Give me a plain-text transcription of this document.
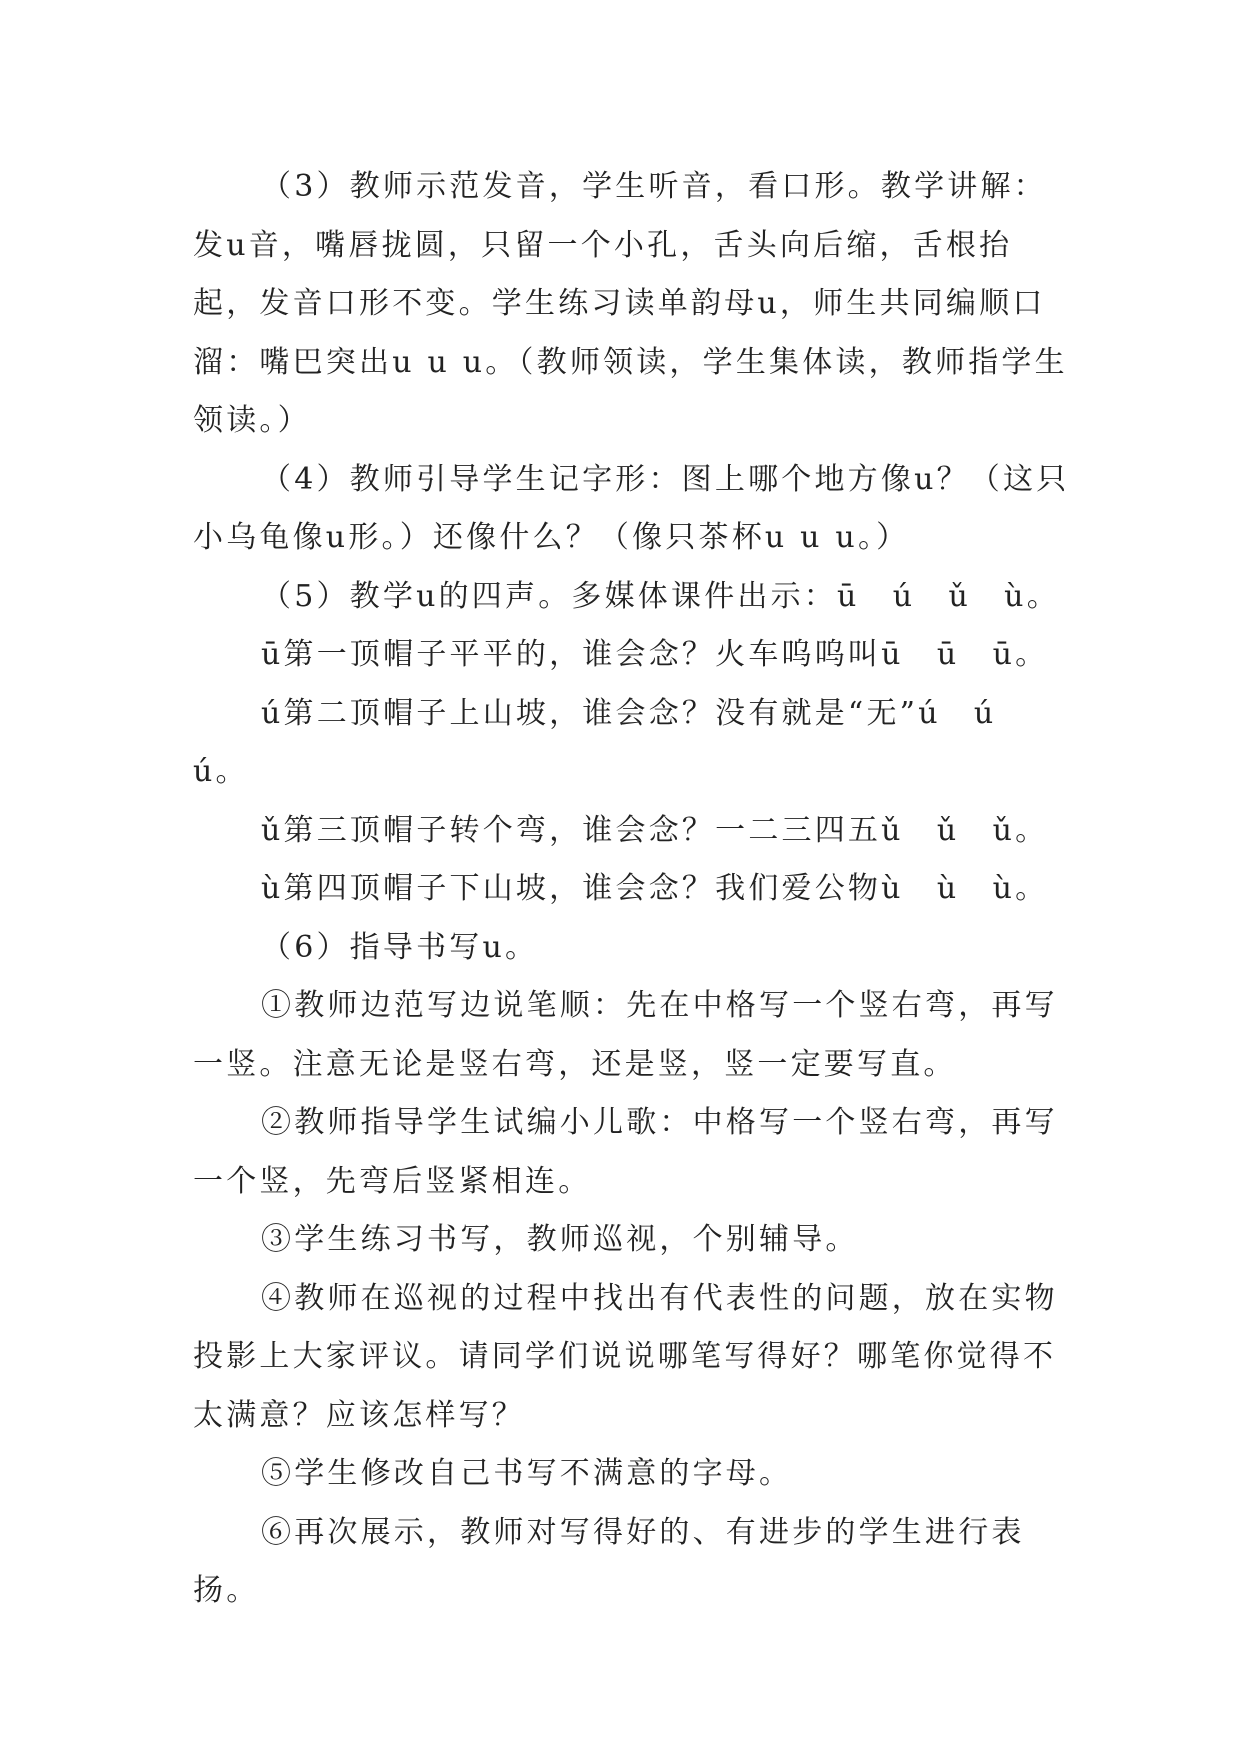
（3）教师示范发音，学生听音，看口形。教学讲解：发u音，嘴唇拢圆，只留一个小孔，舌头向后缩，舌根抬起，发音口形不变。学生练习读单韵母u，师生共同编顺口溜：嘴巴突出u u u。（教师领读，学生集体读，教师指学生领读。）

（4）教师引导学生记字形：图上哪个地方像u？（这只小乌龟像u形。）还像什么？（像只茶杯u u u。）

（5）教学u的四声。多媒体课件出示：ū　ú　ǔ　ù。

ū第一顶帽子平平的，谁会念？火车呜呜叫ū　ū　ū。

ú第二顶帽子上山坡，谁会念？没有就是“无”ú　ú　ú。

ǔ第三顶帽子转个弯，谁会念？一二三四五ǔ　ǔ　ǔ。

ù第四顶帽子下山坡，谁会念？我们爱公物ù　ù　ù。

（6）指导书写u。

①教师边范写边说笔顺：先在中格写一个竖右弯，再写一竖。注意无论是竖右弯，还是竖，竖一定要写直。

②教师指导学生试编小儿歌：中格写一个竖右弯，再写一个竖，先弯后竖紧相连。

③学生练习书写，教师巡视，个别辅导。

④教师在巡视的过程中找出有代表性的问题，放在实物投影上大家评议。请同学们说说哪笔写得好？哪笔你觉得不太满意？应该怎样写？

⑤学生修改自己书写不满意的字母。

⑥再次展示，教师对写得好的、有进步的学生进行表扬。
